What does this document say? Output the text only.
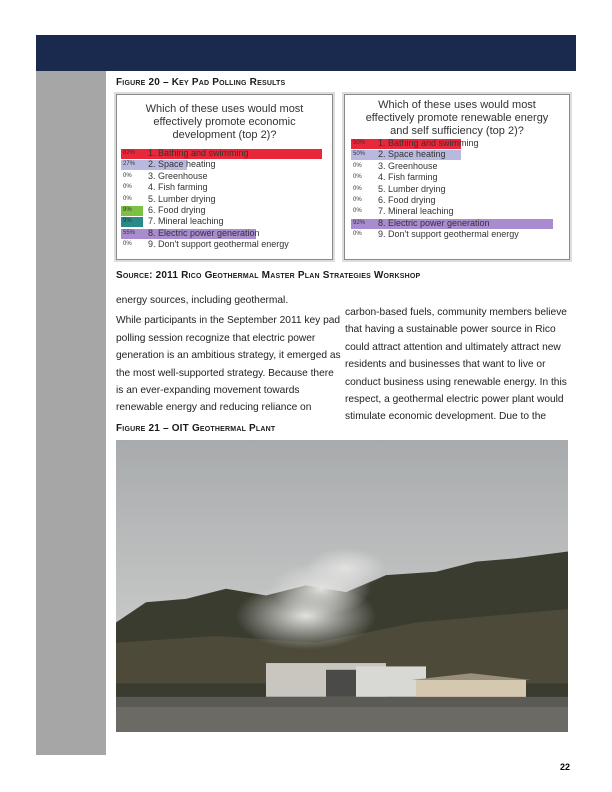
Figure 20 – Key Pad Polling Results
Which of these uses would most effectively promote economic development (top 2)?
82% 1. Bathing and swimming
27% 2. Space heating
0% 3. Greenhouse
0% 4. Fish farming
0% 5. Lumber drying
9% 6. Food drying
9% 7. Mineral leaching
55% 8. Electric power generation
0% 9. Don't support geothermal energy
Which of these uses would most effectively promote renewable energy and self sufficiency (top 2)?
50% 1. Bathing and swimming
50% 2. Space heating
0% 3. Greenhouse
0% 4. Fish farming
0% 5. Lumber drying
0% 6. Food drying
0% 7. Mineral leaching
92% 8. Electric power generation
0% 9. Don't support geothermal energy
Source: 2011 Rico Geothermal Master Plan Strategies Workshop
energy sources, including geothermal.
While participants in the September 2011 key pad polling session recognize that electric power generation is an ambitious strategy, it emerged as the most well-supported strategy. Because there is an ever-expanding movement towards renewable energy and reducing reliance on
carbon-based fuels, community members believe that having a sustainable power source in Rico could attract attention and ultimately attract new residents and businesses that want to live or conduct business using renewable energy. In this respect, a geothermal electric power plant would stimulate economic development. Due to the
Figure 21 – OIT Geothermal Plant
22
